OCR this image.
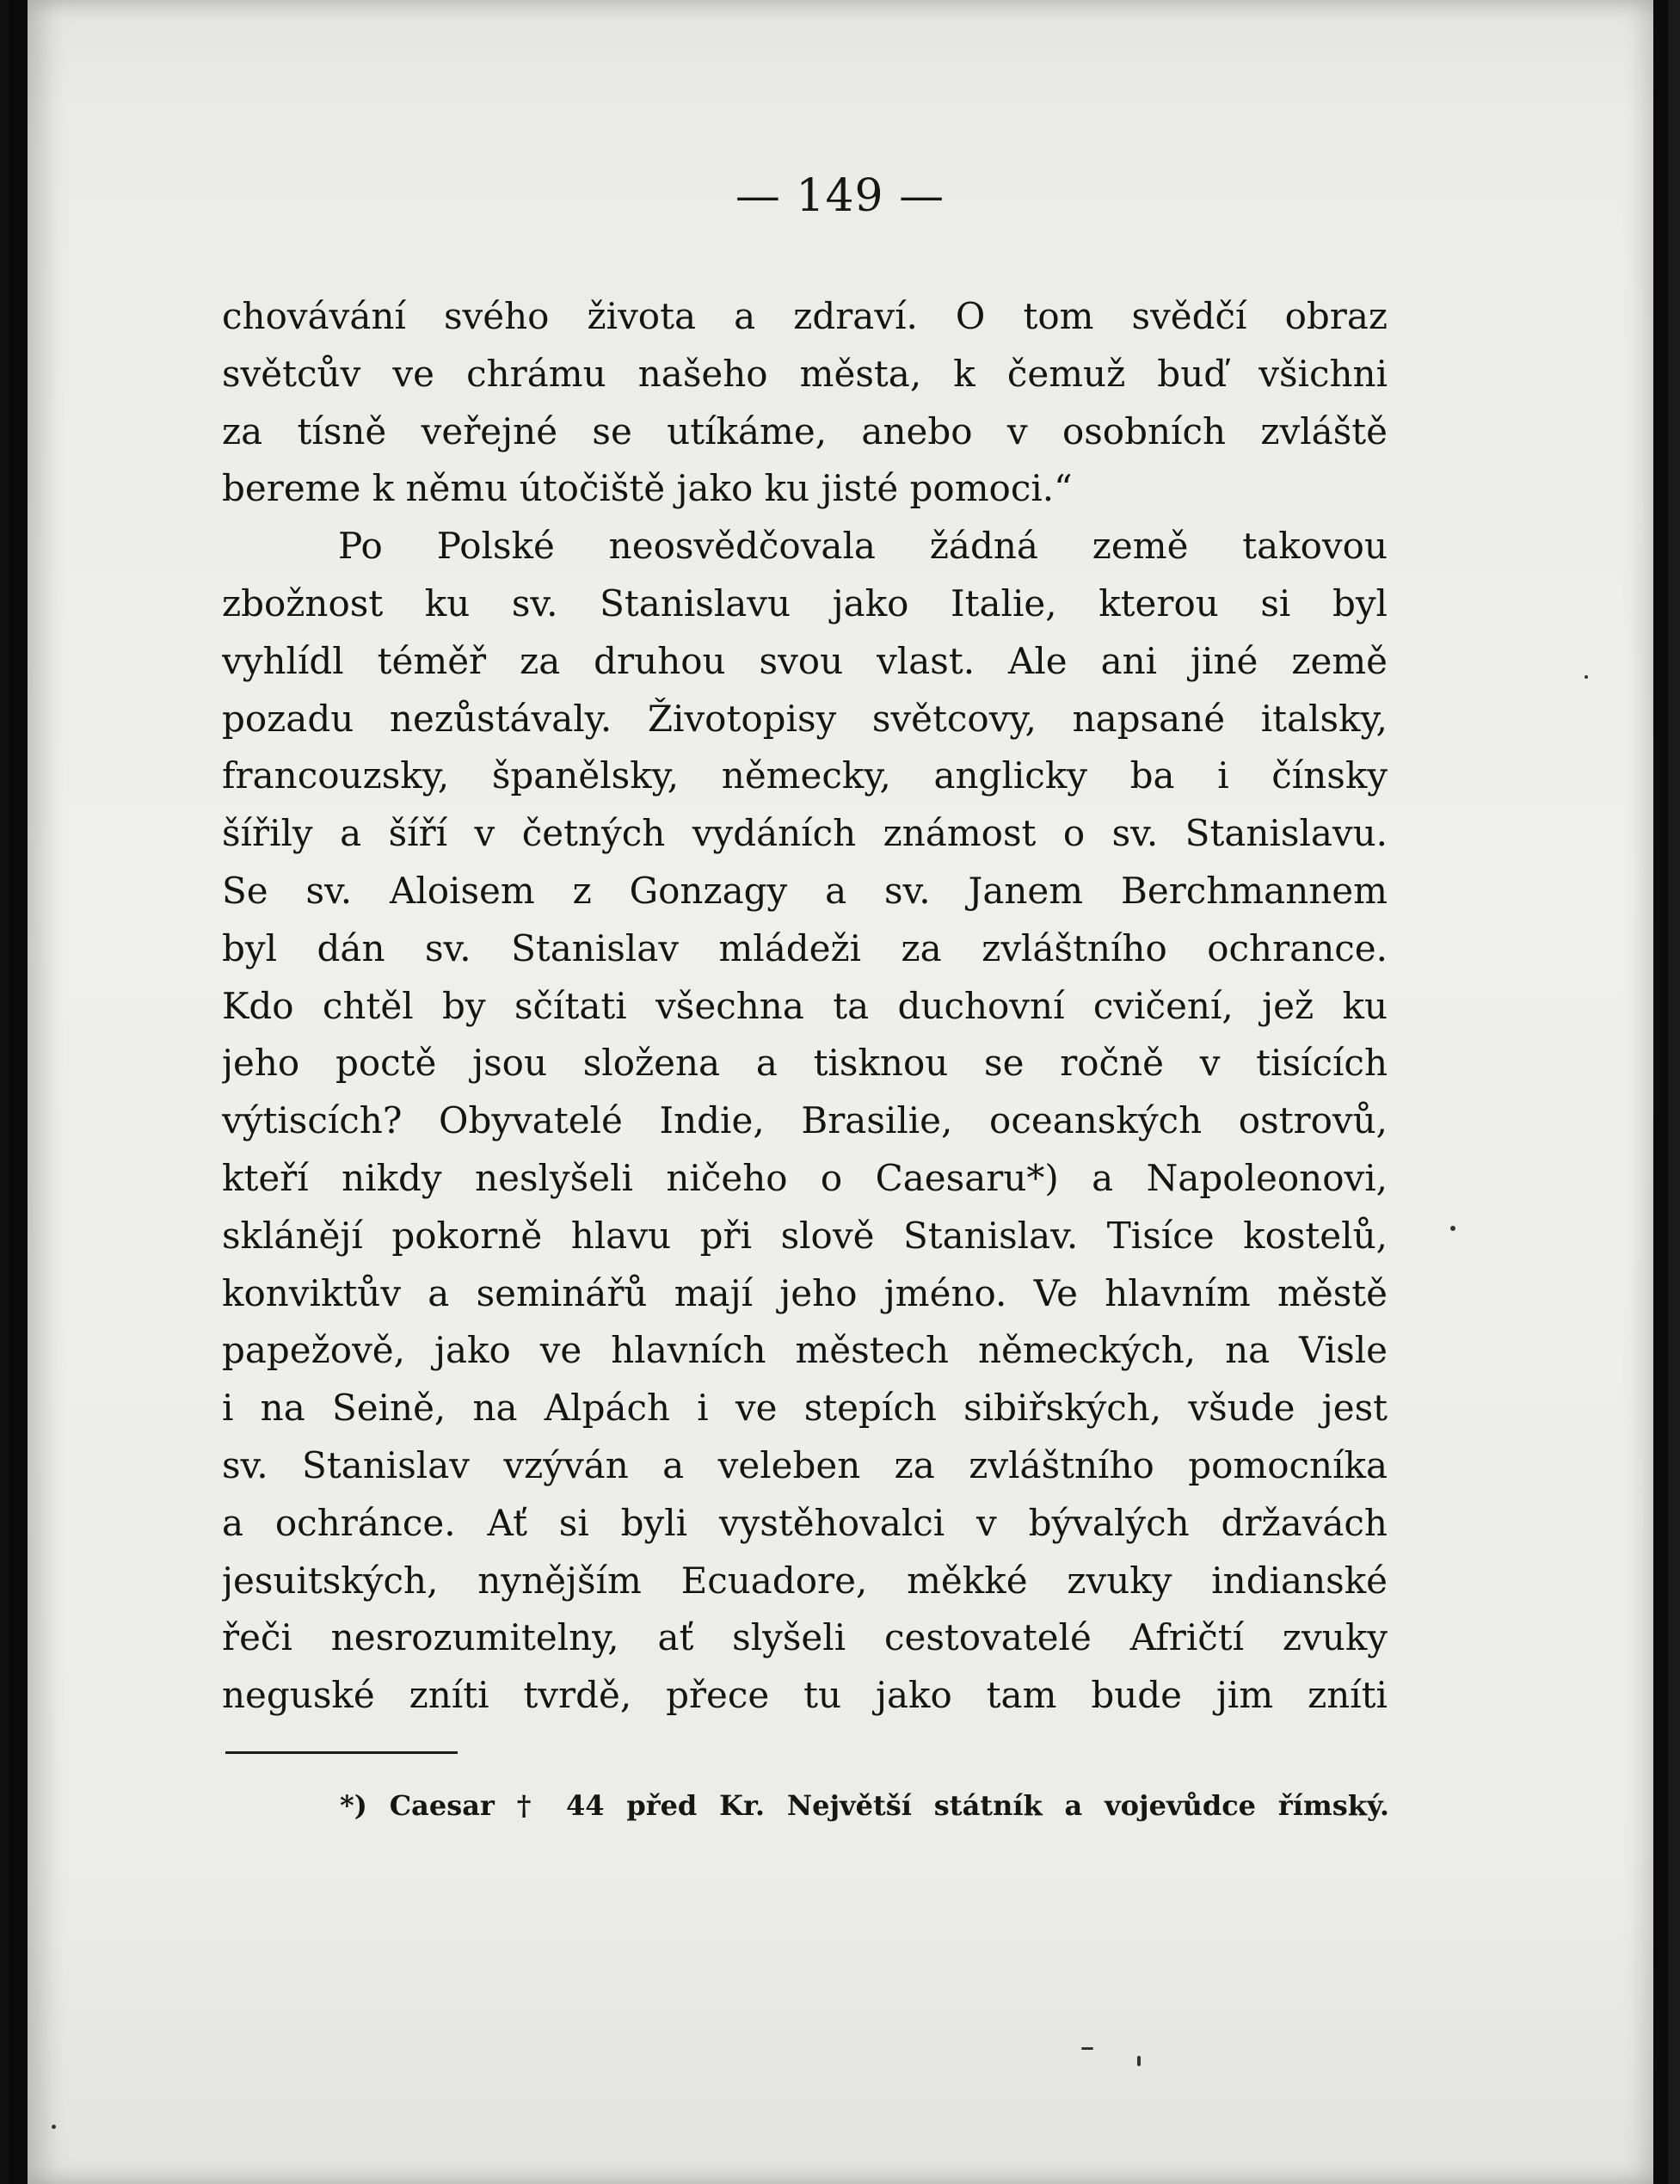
— 149 —
chovávání svého života a zdraví. O tom svědčí obraz
světcův ve chrámu našeho města, k čemuž buď všichni
za tísně veřejné se utíkáme, anebo v osobních zvláště
bereme k němu útočiště jako ku jisté pomoci.“
Po Polské neosvědčovala žádná země takovou
zbožnost ku sv. Stanislavu jako Italie, kterou si byl
vyhlídl téměř za druhou svou vlast. Ale ani jiné země
pozadu nezůstávaly. Životopisy světcovy, napsané italsky,
francouzsky, španělsky, německy, anglicky ba i čínsky
šířily a šíří v četných vydáních známost o sv. Stanislavu.
Se sv. Aloisem z Gonzagy a sv. Janem Berchmannem
byl dán sv. Stanislav mládeži za zvláštního ochrance.
Kdo chtěl by sčítati všechna ta duchovní cvičení, jež ku
jeho poctě jsou složena a tisknou se ročně v tisících
výtiscích? Obyvatelé Indie, Brasilie, oceanských ostrovů,
kteří nikdy neslyšeli ničeho o Caesaru*) a Napoleonovi,
sklánějí pokorně hlavu při slově Stanislav. Tisíce kostelů,
konviktův a seminářů mají jeho jméno. Ve hlavním městě
papežově, jako ve hlavních městech německých, na Visle
i na Seině, na Alpách i ve stepích sibiřských, všude jest
sv. Stanislav vzýván a veleben za zvláštního pomocníka
a ochránce. Ať si byli vystěhovalci v bývalých državách
jesuitských, nynějším Ecuadore, měkké zvuky indianské
řeči nesrozumitelny, ať slyšeli cestovatelé Afričtí zvuky
neguské zníti tvrdě, přece tu jako tam bude jim zníti
*) Caesar † 44 před Kr. Největší státník a vojevůdce římský.
